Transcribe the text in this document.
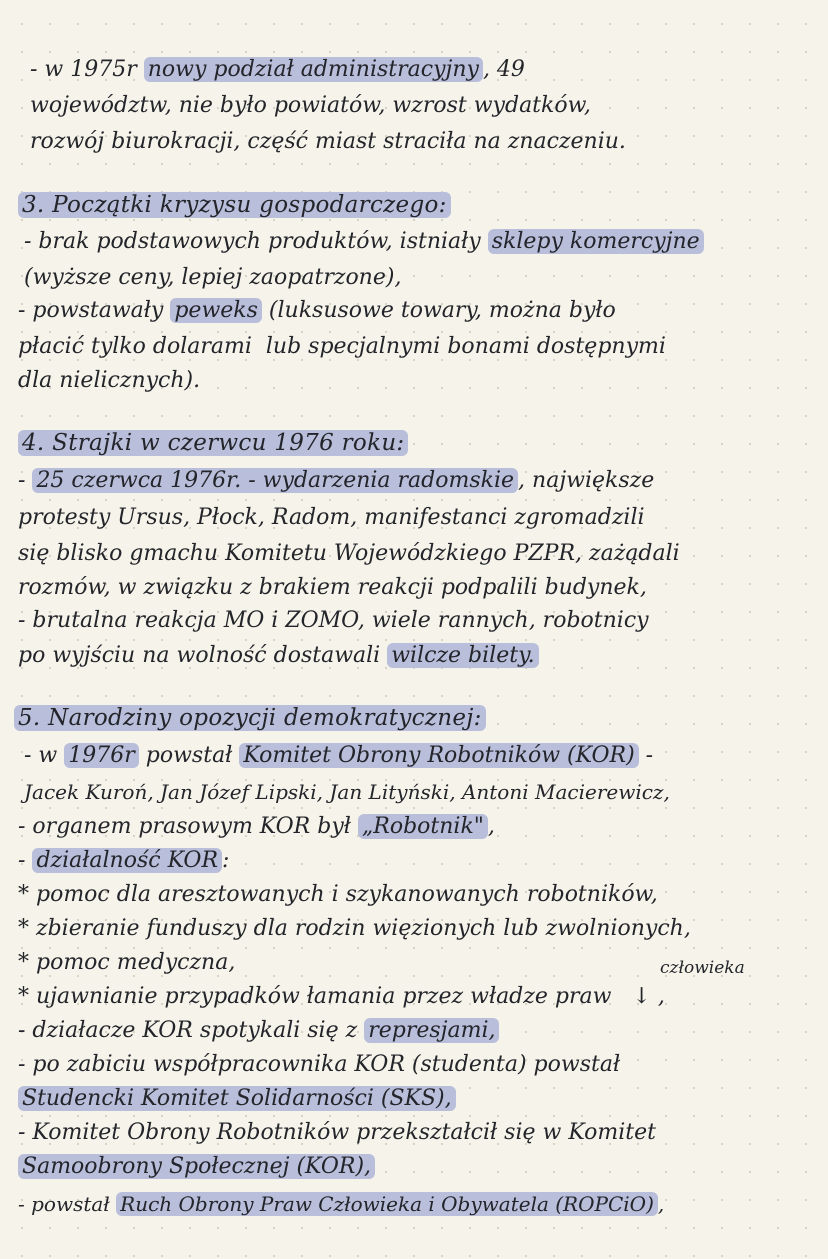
- w 1975r nowy podział administracyjny , 49
województw, nie było powiatów, wzrost wydatków,
rozwój biurokracji, część miast straciła na znaczeniu.
3. Początki kryzysu gospodarczego:
- brak podstawowych produktów, istniały sklepy komercyjne
(wyższe ceny, lepiej zaopatrzone),
- powstawały peweks (luksusowe towary, można było
płacić tylko dolarami  lub specjalnymi bonami dostępnymi
dla nielicznych).
4. Strajki w czerwcu 1976 roku:
- 25 czerwca 1976r. - wydarzenia radomskie , największe
protesty Ursus, Płock, Radom, manifestanci zgromadzili
się blisko gmachu Komitetu Wojewódzkiego PZPR, zażądali
rozmów, w związku z brakiem reakcji podpalili budynek,
- brutalna reakcja MO i ZOMO, wiele rannych, robotnicy
po wyjściu na wolność dostawali wilcze bilety.
5. Narodziny opozycji demokratycznej:
- w 1976r powstał Komitet Obrony Robotników (KOR) -
Jacek Kuroń, Jan Józef Lipski, Jan Lityński, Antoni Macierewicz,
- organem prasowym KOR był „Robotnik" ,
- działalność KOR :
* pomoc dla aresztowanych i szykanowanych robotników,
* zbieranie funduszy dla rodzin więzionych lub zwolnionych,
* pomoc medyczna,	człowieka
* ujawnianie przypadków łamania przez władze praw   ↓ ,
- działacze KOR spotykali się z represjami,
- po zabiciu współpracownika KOR (studenta) powstał
Studencki Komitet Solidarności (SKS),
- Komitet Obrony Robotników przekształcił się w Komitet
Samoobrony Społecznej (KOR),
- powstał Ruch Obrony Praw Człowieka i Obywatela (ROPCiO) ,
